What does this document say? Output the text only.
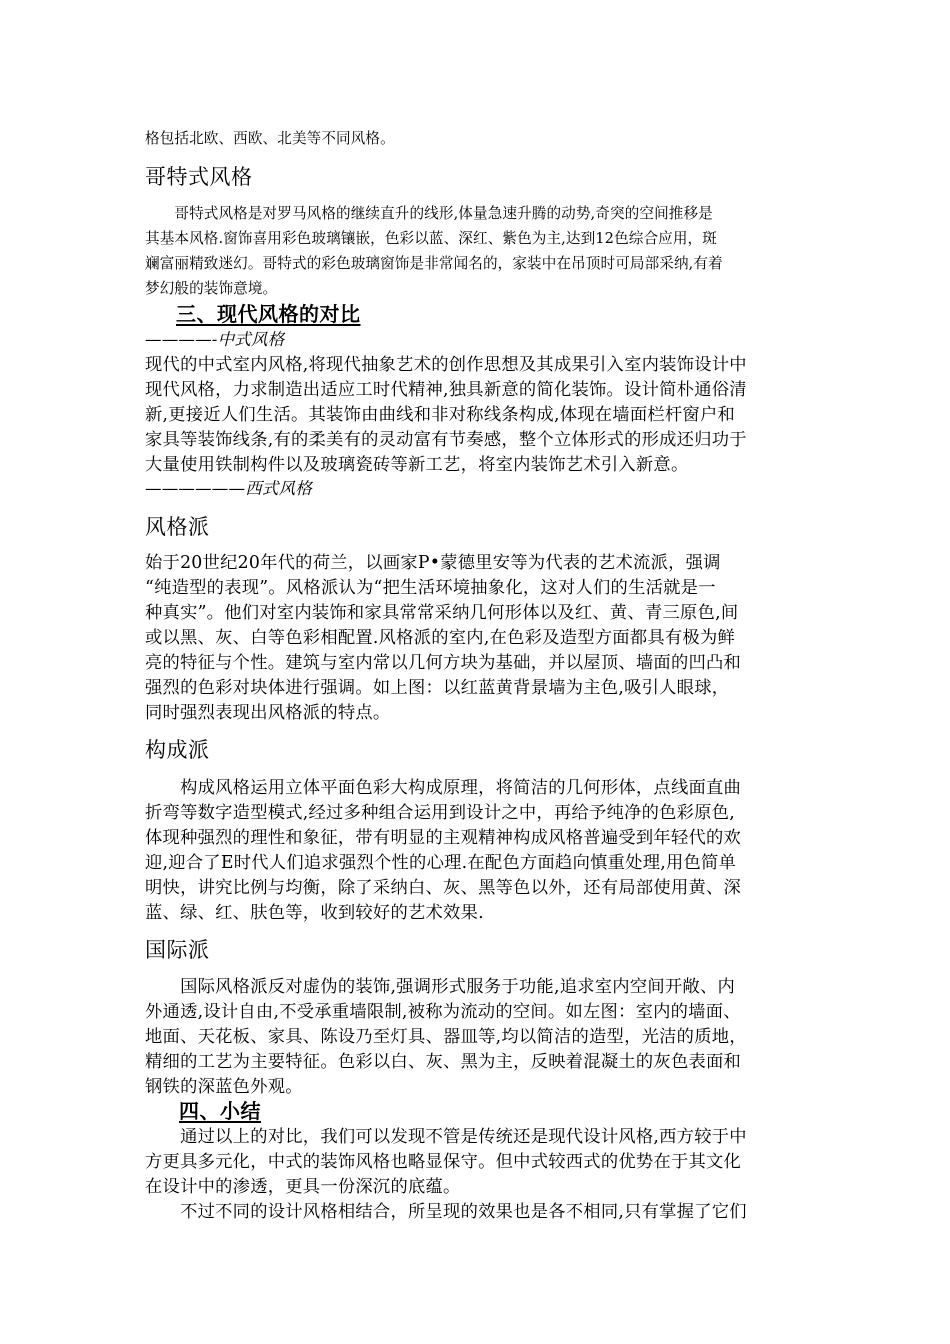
格包括北欧、西欧、北美等不同风格。

哥特式风格

　　哥特式风格是对罗马风格的继续直升的线形,体量急速升腾的动势,奇突的空间推移是

其基本风格.窗饰喜用彩色玻璃镶嵌，色彩以蓝、深红、紫色为主,达到12色综合应用，斑

斓富丽精致迷幻。哥特式的彩色玻璃窗饰是非常闻名的，家装中在吊顶时可局部采纳,有着

梦幻般的装饰意境。

三、现代风格的对比

————-中式风格

现代的中式室内风格,将现代抽象艺术的创作思想及其成果引入室内装饰设计中

现代风格，力求制造出适应工时代精神,独具新意的简化装饰。设计简朴通俗清

新,更接近人们生活。其装饰由曲线和非对称线条构成,体现在墙面栏杆窗户和

家具等装饰线条,有的柔美有的灵动富有节奏感，整个立体形式的形成还归功于

大量使用铁制构件以及玻璃瓷砖等新工艺，将室内装饰艺术引入新意。

——————西式风格

风格派

始于20世纪20年代的荷兰，以画家P•蒙德里安等为代表的艺术流派，强调

“纯造型的表现”。风格派认为“把生活环境抽象化，这对人们的生活就是一

种真实”。他们对室内装饰和家具常常采纳几何形体以及红、黄、青三原色,间

或以黑、灰、白等色彩相配置.风格派的室内,在色彩及造型方面都具有极为鲜

亮的特征与个性。建筑与室内常以几何方块为基础，并以屋顶、墙面的凹凸和

强烈的色彩对块体进行强调。如上图：以红蓝黄背景墙为主色,吸引人眼球，

同时强烈表现出风格派的特点。

构成派

　　构成风格运用立体平面色彩大构成原理，将简洁的几何形体，点线面直曲

折弯等数字造型模式,经过多种组合运用到设计之中，再给予纯净的色彩原色,

体现种强烈的理性和象征，带有明显的主观精神构成风格普遍受到年轻代的欢

迎,迎合了E时代人们追求强烈个性的心理.在配色方面趋向慎重处理,用色简单

明快，讲究比例与均衡，除了采纳白、灰、黑等色以外，还有局部使用黄、深

蓝、绿、红、肤色等，收到较好的艺术效果.

国际派

　　国际风格派反对虚伪的装饰,强调形式服务于功能,追求室内空间开敞、内

外通透,设计自由,不受承重墙限制,被称为流动的空间。如左图：室内的墙面、

地面、天花板、家具、陈设乃至灯具、器皿等,均以简洁的造型，光洁的质地，

精细的工艺为主要特征。色彩以白、灰、黑为主，反映着混凝土的灰色表面和

钢铁的深蓝色外观。

四、小结

　　通过以上的对比，我们可以发现不管是传统还是现代设计风格,西方较于中

方更具多元化，中式的装饰风格也略显保守。但中式较西式的优势在于其文化

在设计中的渗透，更具一份深沉的底蕴。

　　不过不同的设计风格相结合，所呈现的效果也是各不相同,只有掌握了它们
